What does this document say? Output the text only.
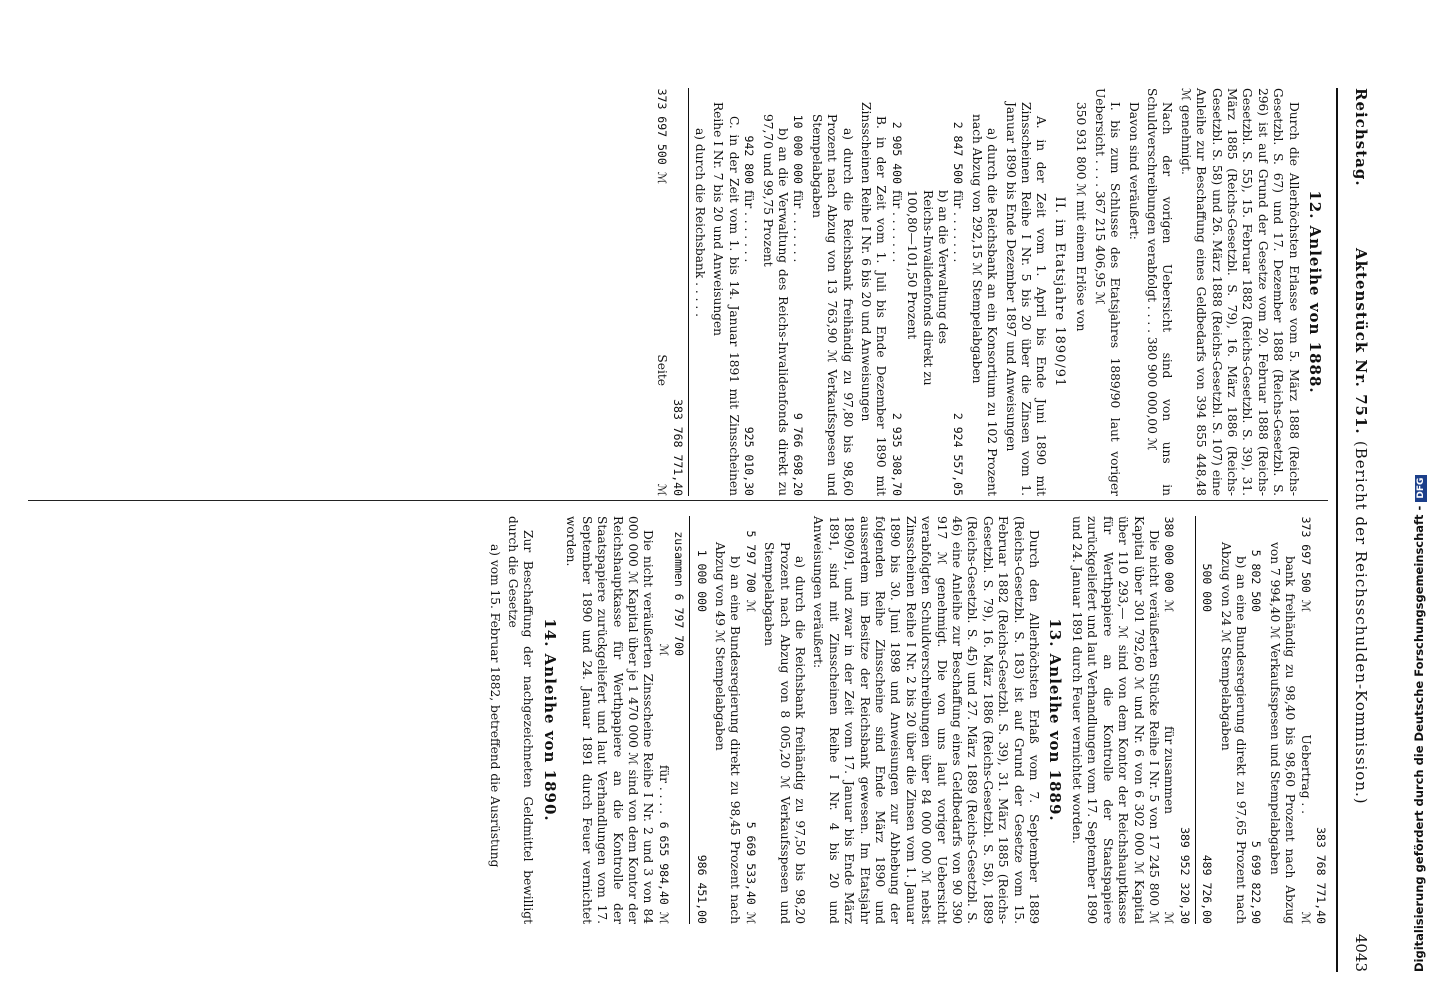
Reichstag.
Aktenstück Nr. 751. (Bericht der Reichsschulden-Kommission.)
4043
12. Anleihe von 1888.
Durch die Allerhöchsten Erlasse vom 5. März 1888 (Reichs-Gesetzbl. S. 67) und 17. Dezember 1888 (Reichs-Gesetzbl. S. 296) ist auf Grund der Gesetze vom 20. Februar 1888 (Reichs-Gesetzbl. S. 55), 15. Februar 1882 (Reichs-Gesetzbl. S. 39), 31. März 1885 (Reichs-Gesetzbl. S. 79), 16. März 1886 (Reichs-Gesetzbl. S. 58) und 26. März 1888 (Reichs-Gesetzbl. S. 107) eine Anleihe zur Beschaffung eines Geldbedarfs von 394 855 448,48 ℳ genehmigt.
Nach der vorigen Uebersicht sind von uns in Schuldverschreibungen verabfolgt . . . . 380 900 000,00 ℳ
Davon sind veräußert:
I. bis zum Schlusse des Etatsjahres 1889/90 laut voriger Uebersicht . . . . 367 215 406,95 ℳ
350 931 800 ℳ mit einem Erlöse von
II. im Etatsjahre 1890/91
A. in der Zeit vom 1. April bis Ende Juni 1890 mit Zinsscheinen Reihe I Nr. 5 bis 20 über die Zinsen vom 1. Januar 1890 bis Ende Dezember 1897 und Anweisungen
a) durch die Reichsbank an ein Konsortium zu 102 Prozent nach Abzug von 292,15 ℳ Stempelabgaben
2 847 500
für . . . . . . .
2 924 557,05
b) an die Verwaltung des Reichs-Invalidenfonds direkt zu 100,80—101,50 Prozent
2 905 400
für . . . . . . .
2 935 308,70
B. in der Zeit vom 1. Juli bis Ende Dezember 1890 mit Zinsscheinen Reihe I Nr. 6 bis 20 und Anweisungen
a) durch die Reichsbank freihändig zu 97,80 bis 98,60 Prozent nach Abzug von 13 763,90 ℳ Verkaufsspesen und Stempelabgaben
10 000 000
für . . . . . . .
9 766 698,20
b) an die Verwaltung des Reichs-Invalidenfonds direkt zu 97,70 und 99,75 Prozent
942 800
für . . . . . . .
925 010,30
C. in der Zeit vom 1. bis 14. Januar 1891 mit Zinsscheinen Reihe I Nr. 7 bis 20 und Anweisungen
a) durch die Reichsbank . . . . .
373 697 500 ℳ
Seite
383 768 771,40 ℳ
373 697 500 ℳ
Uebertrag . .
383 768 771,40 ℳ
bank freihändig zu 98,40 bis 98,60 Prozent nach Abzug von 7 994,40 ℳ Verkaufsspesen und Stempelabgaben
5 802 500
5 699 822,90
b) an eine Bundesregierung direkt zu 97,65 Prozent nach Abzug von 24 ℳ Stempelabgaben
500 000
489 726,00
380 000 000 ℳ
für zusammen
389 952 320,30 ℳ
Die nicht veräußerten Stücke Reihe I Nr. 5 von 17 245 800 ℳ Kapital über 301 792,60 ℳ und Nr. 6 von 6 302 000 ℳ Kapital über 110 293,— ℳ sind von dem Kontor der Reichshauptkasse für Werthpapiere an die Kontrolle der Staatspapiere zurückgeliefert und laut Verhandlungen vom 17. September 1890 und 24. Januar 1891 durch Feuer vernichtet worden.
13. Anleihe von 1889.
Durch den Allerhöchsten Erlaß vom 7. September 1889 (Reichs-Gesetzbl. S. 183) ist auf Grund der Gesetze vom 15. Februar 1882 (Reichs-Gesetzbl. S. 39), 31. März 1885 (Reichs-Gesetzbl. S. 79), 16. März 1886 (Reichs-Gesetzbl. S. 58), 1889 (Reichs-Gesetzbl. S. 45) und 27. März 1889 (Reichs-Gesetzbl. S. 46) eine Anleihe zur Beschaffung eines Geldbedarfs von 90 390 917 ℳ genehmigt. Die von uns laut voriger Uebersicht verabfolgten Schuldverschreibungen über 84 000 000 ℳ nebst Zinsscheinen Reihe I Nr. 2 bis 20 über die Zinsen vom 1. Januar 1890 bis 30. Juni 1898 und Anweisungen zur Abhebung der folgenden Reihe Zinsscheine sind Ende März 1890 und ausserdem im Besitze der Reichsbank gewesen. Im Etatsjahr 1890/91, und zwar in der Zeit vom 17. Januar bis Ende März 1891, sind mit Zinsscheinen Reihe I Nr. 4 bis 20 und Anweisungen veräußert:
a) durch die Reichsbank freihändig zu 97,50 bis 98,20 Prozent nach Abzug von 8 005,20 ℳ Verkaufsspesen und Stempelabgaben
5 797 700 ℳ
5 669 533,40 ℳ
b) an eine Bundesregierung direkt zu 98,45 Prozent nach Abzug von 49 ℳ Stempelabgaben
1 000 000
986 451,00
zusammen 6 797 700 ℳ
für . . . .
6 655 984,40 ℳ
Die nicht veräußerten Zinsscheine Reihe I Nr. 2 und 3 von 84 000 000 ℳ Kapital über je 1 470 000 ℳ sind von dem Kontor der Reichshauptkasse für Werthpapiere an die Kontrolle der Staatspapiere zurückgeliefert und laut Verhandlungen vom 17. September 1890 und 24. Januar 1891 durch Feuer vernichtet worden.
14. Anleihe von 1890.
Zur Beschaffung der nachgezeichneten Geldmittel bewilligt durch die Gesetze
a) vom 15. Februar 1882, betreffend die Ausrüstung	Digitalisierung gefördert durch die Deutsche Forschungsgemeinschaft -DFG
